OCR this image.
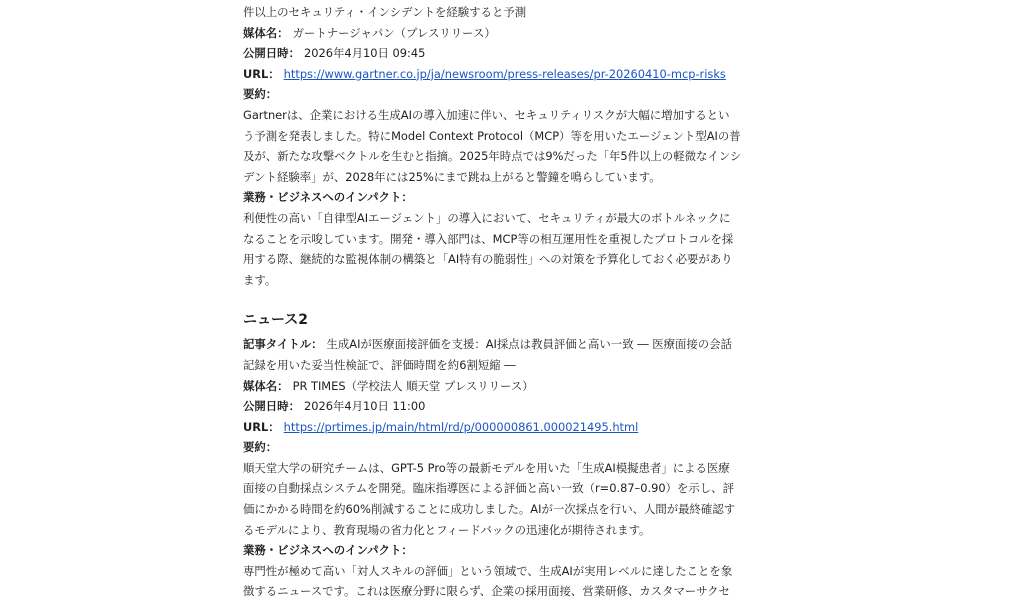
件以上のセキュリティ・インシデントを経験すると予測
媒体名： ガートナージャパン（プレスリリース）
公開日時： 2026年4月10日 09:45
URL： https://www.gartner.co.jp/ja/newsroom/press-releases/pr-20260410-mcp-risks
要約：
Gartnerは、企業における生成AIの導入加速に伴い、セキュリティリスクが大幅に増加するとい
う予測を発表しました。特にModel Context Protocol（MCP）等を用いたエージェント型AIの普
及が、新たな攻撃ベクトルを生むと指摘。2025年時点では9%だった「年5件以上の軽微なインシ
デント経験率」が、2028年には25%にまで跳ね上がると警鐘を鳴らしています。
業務・ビジネスへのインパクト：
利便性の高い「自律型AIエージェント」の導入において、セキュリティが最大のボトルネックに
なることを示唆しています。開発・導入部門は、MCP等の相互運用性を重視したプロトコルを採
用する際、継続的な監視体制の構築と「AI特有の脆弱性」への対策を予算化しておく必要があり
ます。
ニュース2
記事タイトル： 生成AIが医療面接評価を支援：AI採点は教員評価と高い一致 ― 医療面接の会話
記録を用いた妥当性検証で、評価時間を約6割短縮 ―
媒体名： PR TIMES（学校法人 順天堂 プレスリリース）
公開日時： 2026年4月10日 11:00
URL： https://prtimes.jp/main/html/rd/p/000000861.000021495.html
要約：
順天堂大学の研究チームは、GPT-5 Pro等の最新モデルを用いた「生成AI模擬患者」による医療
面接の自動採点システムを開発。臨床指導医による評価と高い一致（r=0.87–0.90）を示し、評
価にかかる時間を約60%削減することに成功しました。AIが一次採点を行い、人間が最終確認す
るモデルにより、教育現場の省力化とフィードバックの迅速化が期待されます。
業務・ビジネスへのインパクト：
専門性が極めて高い「対人スキルの評価」という領域で、生成AIが実用レベルに達したことを象
徴するニュースです。これは医療分野に限らず、企業の採用面接、営業研修、カスタマーサクセ
